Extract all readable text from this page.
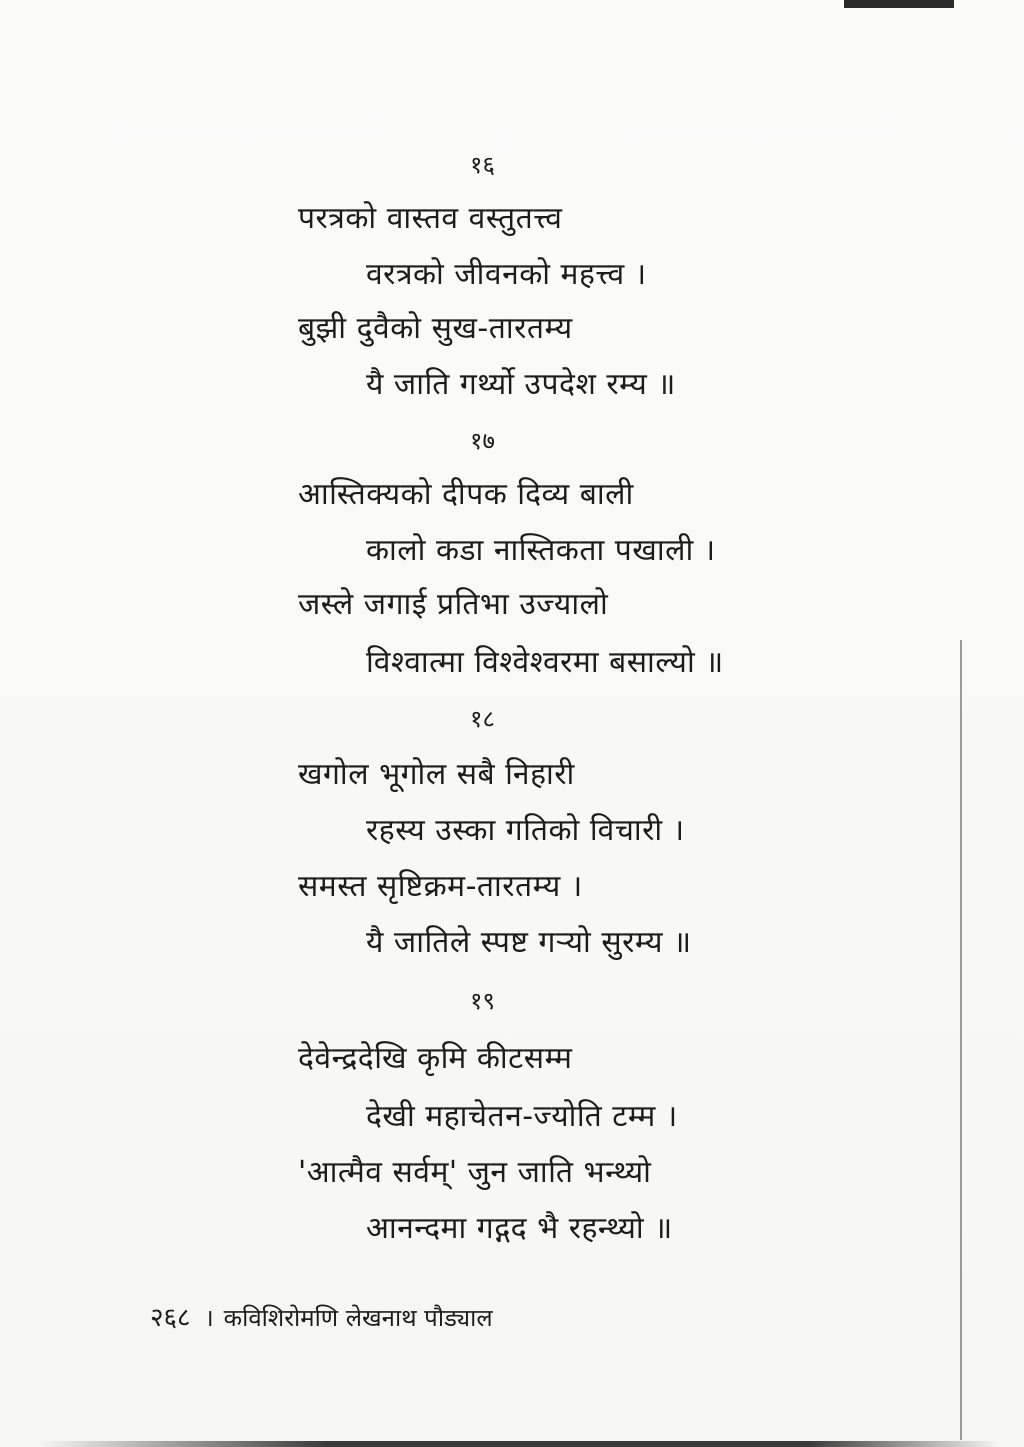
१६
परत्रको वास्तव वस्तुतत्त्व
वरत्रको जीवनको महत्त्व ।
बुझी दुवैको सुख-तारतम्य
यै जाति गर्थ्यो उपदेश रम्य ॥
१७
आस्तिक्यको दीपक दिव्य बाली
कालो कडा नास्तिकता पखाली ।
जस्ले जगाई प्रतिभा उज्यालो
विश्वात्मा विश्वेश्वरमा बसाल्यो ॥
१८
खगोल भूगोल सबै निहारी
रहस्य उस्का गतिको विचारी ।
समस्त सृष्टिक्रम-तारतम्य ।
यै जातिले स्पष्ट गऱ्यो सुरम्य ॥
१९
देवेन्द्रदेखि कृमि कीटसम्म
देखी महाचेतन-ज्योति टम्म ।
'आत्मैव सर्वम्' जुन जाति भन्थ्यो
आनन्दमा गद्गद भै रहन्थ्यो ॥
२६८ । कविशिरोमणि लेखनाथ पौड्याल
